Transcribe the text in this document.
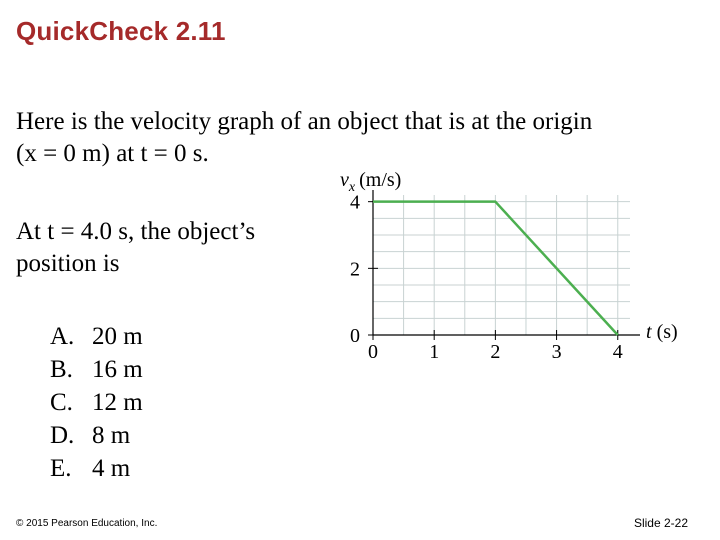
QuickCheck 2.11
Here is the velocity graph of an object that is at the origin
(x = 0 m) at t = 0 s.
At t = 4.0 s, the object’s
position is
A. 20 m
B. 16 m
C. 12 m
D. 8 m
E. 4 m
$v_x$ (m/s)
0	1	2	3	4
0
2
4
t (s)
© 2015 Pearson Education, Inc.	Slide 2-22
